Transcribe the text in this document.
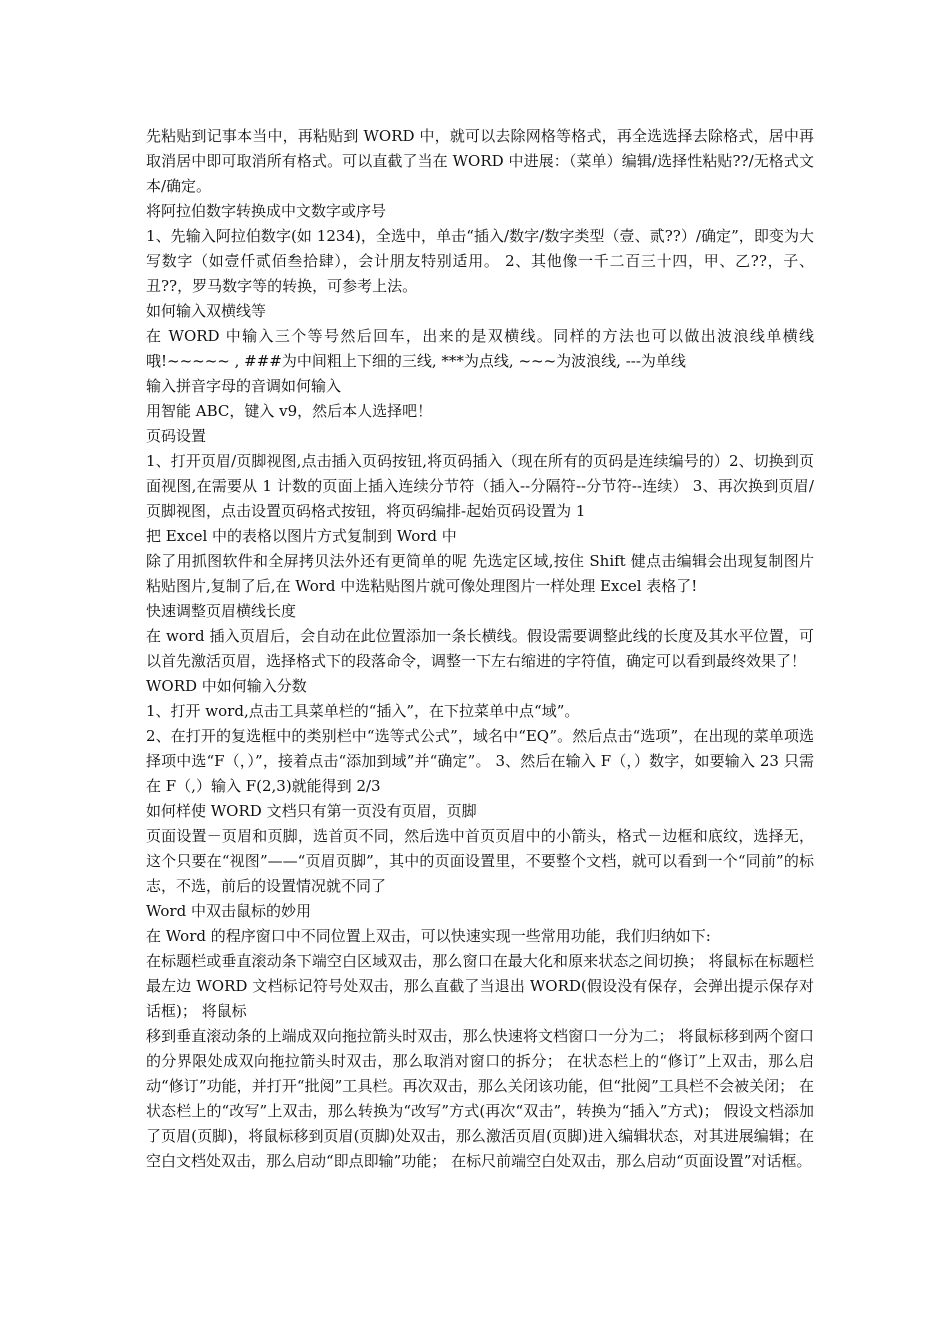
先粘贴到记事本当中，再粘贴到 WORD 中，就可以去除网格等格式，再全选选择去除格式，居中再取消居中即可取消所有格式。可以直截了当在 WORD 中进展：（菜单）编辑/选择性粘贴??/无格式文本/确定。

将阿拉伯数字转换成中文数字或序号

1、先输入阿拉伯数字(如 1234)，全选中，单击“插入/数字/数字类型（壹、贰??）/确定”，即变为大写数字（如壹仟贰佰叁拾肆），会计朋友特别适用。 2、其他像一千二百三十四，甲、乙??，子、丑??，罗马数字等的转换，可参考上法。

如何输入双横线等

在 WORD 中输入三个等号然后回车，出来的是双横线。同样的方法也可以做出波浪线单横线哦!~~~~~ , ###为中间粗上下细的三线, ***为点线, ~~~为波浪线, ---为单线

输入拼音字母的音调如何输入

用智能 ABC，键入 v9，然后本人选择吧！

页码设置

1、打开页眉/页脚视图,点击插入页码按钮,将页码插入（现在所有的页码是连续编号的）2、切换到页面视图,在需要从 1 计数的页面上插入连续分节符（插入--分隔符--分节符--连续） 3、再次换到页眉/页脚视图，点击设置页码格式按钮，将页码编排-起始页码设置为 1

把 Excel 中的表格以图片方式复制到 Word 中

除了用抓图软件和全屏拷贝法外还有更简单的呢 先选定区域,按住 Shift 健点击编辑会出现复制图片粘贴图片,复制了后,在 Word 中选粘贴图片就可像处理图片一样处理 Excel 表格了!

快速调整页眉横线长度

在 word 插入页眉后，会自动在此位置添加一条长横线。假设需要调整此线的长度及其水平位置，可以首先激活页眉，选择格式下的段落命令，调整一下左右缩进的字符值，确定可以看到最终效果了！

WORD 中如何输入分数

1、打开 word,点击工具菜单栏的“插入”，在下拉菜单中点“域”。

2、在打开的复选框中的类别栏中“选等式公式”，域名中“EQ”。然后点击“选项”，在出现的菜单项选择项中选“F（，）”，接着点击“添加到域”并“确定”。 3、然后在输入 F（，）数字，如要输入 23 只需在 F（,）输入 F(2,3)就能得到 2/3

如何样使 WORD 文档只有第一页没有页眉，页脚

页面设置－页眉和页脚，选首页不同，然后选中首页页眉中的小箭头，格式－边框和底纹，选择无，这个只要在“视图”——“页眉页脚”，其中的页面设置里，不要整个文档，就可以看到一个“同前”的标志，不选，前后的设置情况就不同了

Word 中双击鼠标的妙用

在 Word 的程序窗口中不同位置上双击，可以快速实现一些常用功能，我们归纳如下:

在标题栏或垂直滚动条下端空白区域双击，那么窗口在最大化和原来状态之间切换； 将鼠标在标题栏最左边 WORD 文档标记符号处双击，那么直截了当退出 WORD(假设没有保存，会弹出提示保存对话框)； 将鼠标

移到垂直滚动条的上端成双向拖拉箭头时双击，那么快速将文档窗口一分为二； 将鼠标移到两个窗口的分界限处成双向拖拉箭头时双击，那么取消对窗口的拆分； 在状态栏上的“修订”上双击，那么启动“修订”功能，并打开“批阅”工具栏。再次双击，那么关闭该功能，但“批阅”工具栏不会被关闭； 在状态栏上的“改写”上双击，那么转换为“改写”方式(再次“双击”，转换为“插入”方式)； 假设文档添加了页眉(页脚)，将鼠标移到页眉(页脚)处双击，那么激活页眉(页脚)进入编辑状态，对其进展编辑；在空白文档处双击，那么启动“即点即输”功能； 在标尺前端空白处双击，那么启动“页面设置”对话框。
